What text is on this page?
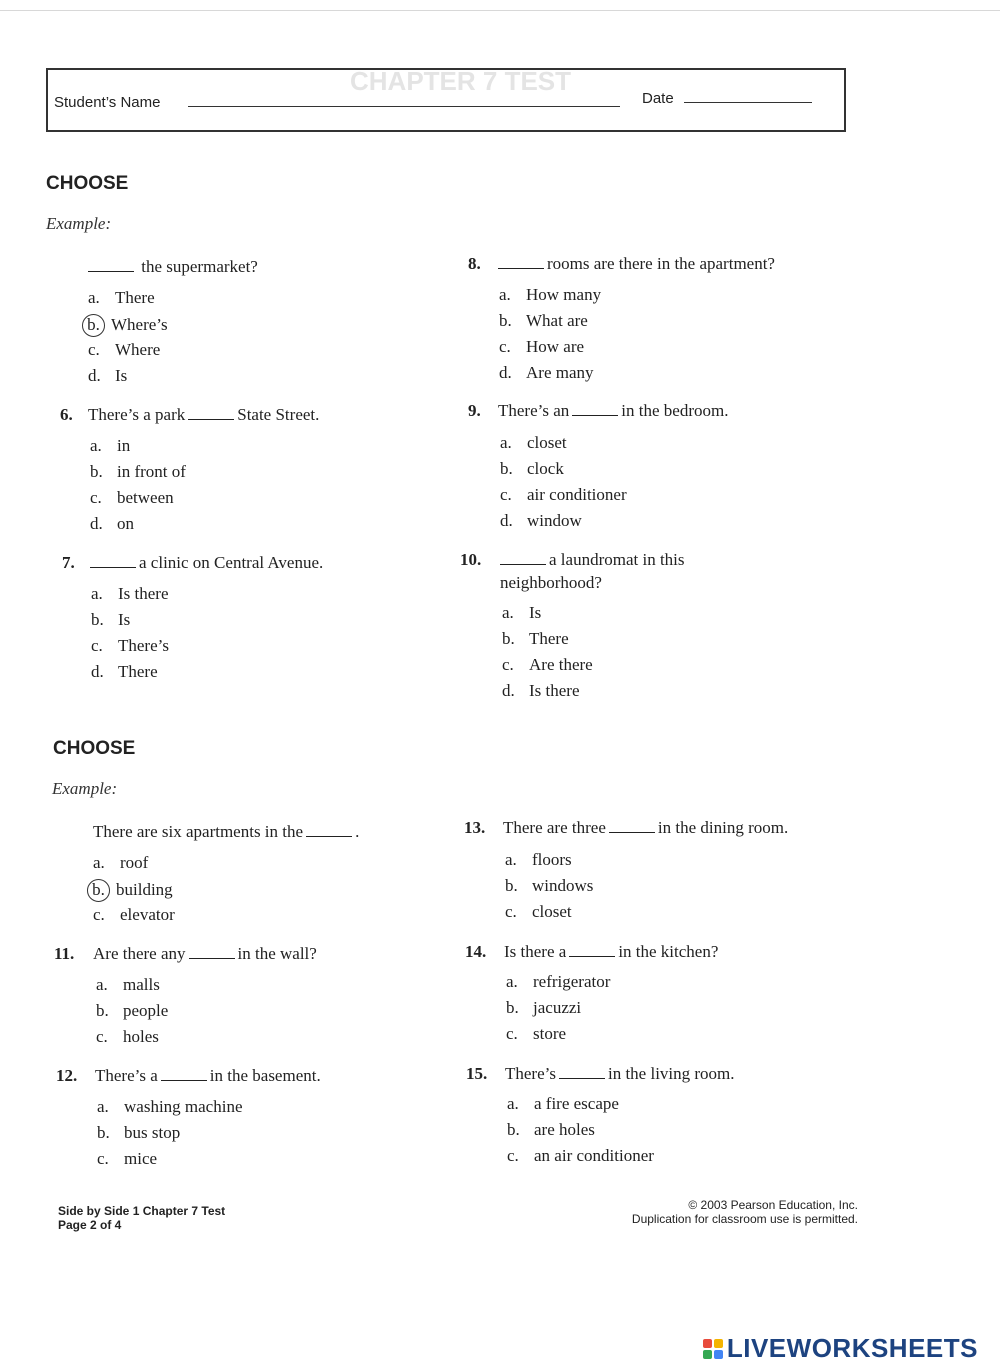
CHAPTER 7 TEST
Student’s Name	Date
CHOOSE
Example:
the supermarket?
a. There
b. Where’s
c. Where
d. Is
6. There’s a park	State Street.
a. in
b. in front of
c. between
d. on
7.	a clinic on Central Avenue.
a. Is there
b. Is
c. There’s
d. There
8.	rooms are there in the apartment?
a. How many
b. What are
c. How are
d. Are many
9. There’s an	in the bedroom.
a. closet
b. clock
c. air conditioner
d. window
10.	a laundromat in this
neighborhood?
a. Is
b. There
c. Are there
d. Is there
CHOOSE
Example:
There are six apartments in the	.
a. roof
b. building
c. elevator
11. Are there any	in the wall?
a. malls
b. people
c. holes
12. There’s a	in the basement.
a. washing machine
b. bus stop
c. mice
13. There are three	in the dining room.
a. floors
b. windows
c. closet
14. Is there a	in the kitchen?
a. refrigerator
b. jacuzzi
c. store
15. There’s	in the living room.
a. a fire escape
b. are holes
c. an air conditioner
Side by Side 1 Chapter 7 Test
Page 2 of 4
© 2003 Pearson Education, Inc.
Duplication for classroom use is permitted.
LIVEWORKSHEETS
